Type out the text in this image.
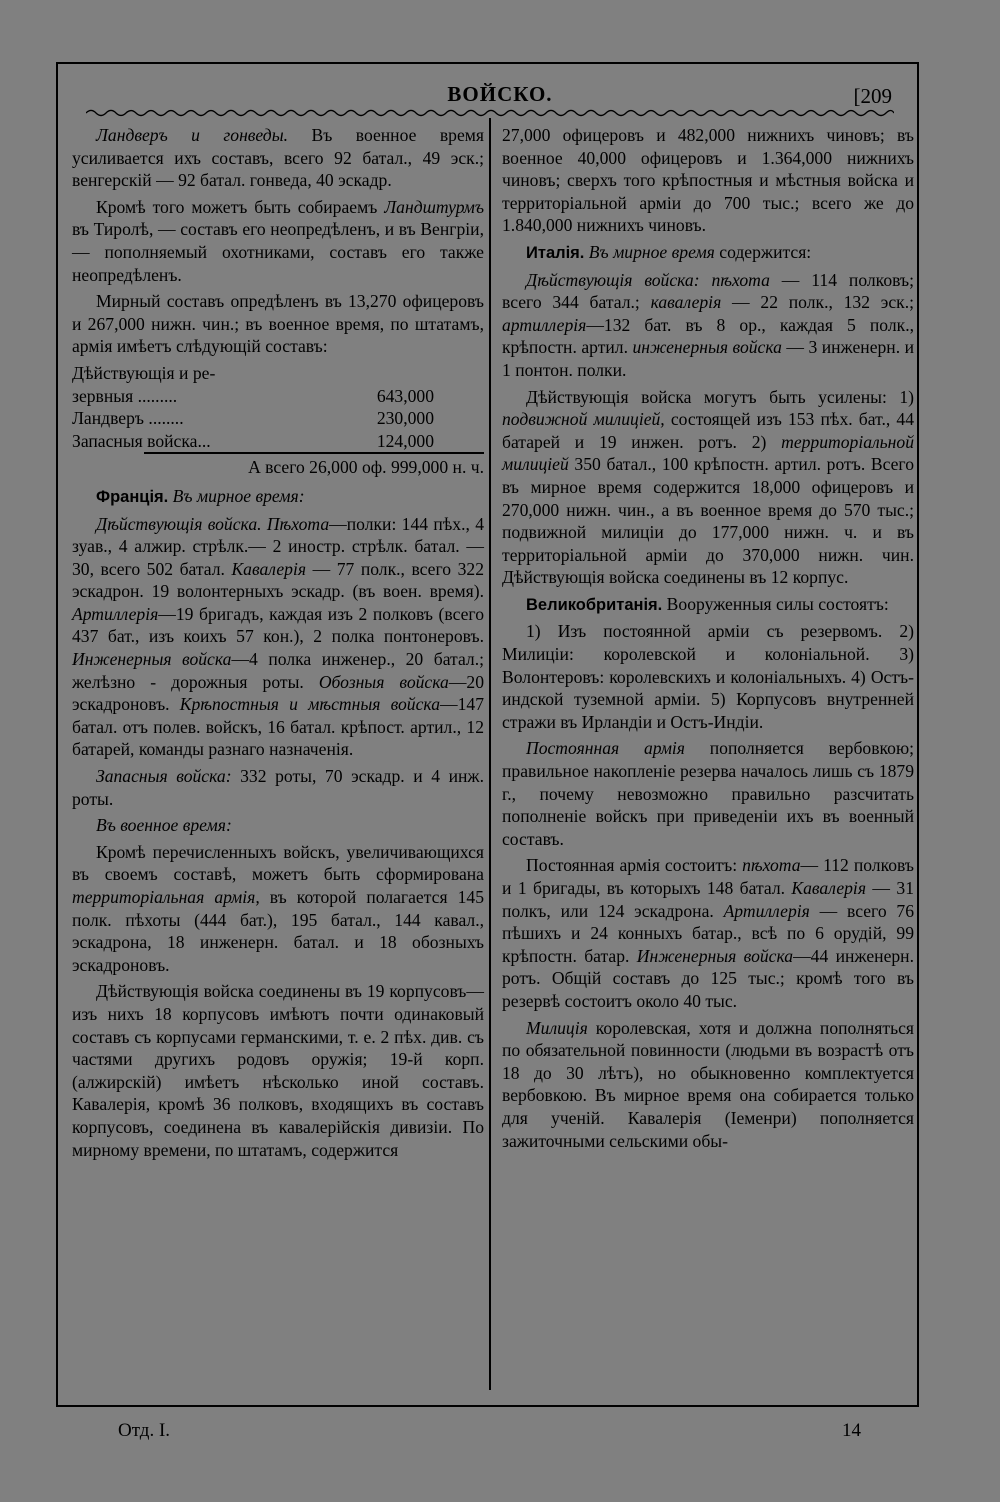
ВОЙСКО.	[209

Ландверъ и гонведы. Въ военное время усиливается ихъ составъ, всего 92 батал., 49 эск.; венгерскій — 92 батал. гонведа, 40 эскадр.

Кромѣ того можетъ быть собираемъ Ландштурмъ въ Тиролѣ, — составъ его неопредѣленъ, и въ Венгріи, — пополняемый охотниками, составъ его также неопредѣленъ.

Мирный составъ опредѣленъ въ 13,270 офицеровъ и 267,000 нижн. чин.; въ военное время, по штатамъ, армія имѣетъ слѣдующій составъ:

Дѣйствующія и ре-
зервныя .........	643,000
Ландверъ ........	230,000
Запасныя войска...	124,000
А всего 26,000 оф. 999,000 н. ч.

Франція. Въ мирное время:

Дѣйствующія войска. Пѣхота—полки: 144 пѣх., 4 зуав., 4 алжир. стрѣлк.— 2 иностр. стрѣлк. батал. — 30, всего 502 батал. Кавалерія — 77 полк., всего 322 эскадрон. 19 волонтерныхъ эскадр. (въ воен. время). Артиллерія—19 бригадъ, каждая изъ 2 полковъ (всего 437 бат., изъ коихъ 57 кон.), 2 полка понтонеровъ. Инженерныя войска—4 полка инженер., 20 батал.; желѣзно - дорожныя роты. Обозныя войска—20 эскадроновъ. Крѣпостныя и мѣстныя войска—147 батал. отъ полев. войскъ, 16 батал. крѣпост. артил., 12 батарей, команды разнаго назначенія.

Запасныя войска: 332 роты, 70 эскадр. и 4 инж. роты.

Въ военное время:

Кромѣ перечисленныхъ войскъ, увеличивающихся въ своемъ составѣ, можетъ быть сформирована территоріальная армія, въ которой полагается 145 полк. пѣхоты (444 бат.), 195 батал., 144 кавал., эскадрона, 18 инженерн. батал. и 18 обозныхъ эскадроновъ.

Дѣйствующія войска соединены въ 19 корпусовъ—изъ нихъ 18 корпусовъ имѣютъ почти одинаковый составъ съ корпусами германскими, т. е. 2 пѣх. див. съ частями другихъ родовъ оружія; 19-й корп. (алжирскій) имѣетъ нѣсколько иной составъ. Кавалерія, кромѣ 36 полковъ, входящихъ въ составъ корпусовъ, соединена въ кавалерійскія дивизіи. По мирному времени, по штатамъ, содержится

27,000 офицеровъ и 482,000 нижнихъ чиновъ; въ военное 40,000 офицеровъ и 1.364,000 нижнихъ чиновъ; сверхъ того крѣпостныя и мѣстныя войска и территоріальной арміи до 700 тыс.; всего же до 1.840,000 нижнихъ чиновъ.

Италія. Въ мирное время содержится:

Дѣйствующія войска: пѣхота — 114 полковъ; всего 344 батал.; кавалерія — 22 полк., 132 эск.; артиллерія—132 бат. въ 8 ор., каждая 5 полк., крѣпостн. артил. инженерныя войска — 3 инженерн. и 1 понтон. полки.

Дѣйствующія войска могутъ быть усилены: 1) подвижной милиціей, состоящей изъ 153 пѣх. бат., 44 батарей и 19 инжен. ротъ. 2) территоріальной милиціей 350 батал., 100 крѣпостн. артил. ротъ. Всего въ мирное время содержится 18,000 офицеровъ и 270,000 нижн. чин., а въ военное время до 570 тыс.; подвижной милиціи до 177,000 нижн. ч. и въ территоріальной арміи до 370,000 нижн. чин. Дѣйствующія войска соединены въ 12 корпус.

Великобританія. Вооруженныя силы состоятъ:

1) Изъ постоянной арміи съ резервомъ. 2) Милиціи: королевской и колоніальной. 3) Волонтеровъ: королевскихъ и колоніальныхъ. 4) Остъ-индской туземной арміи. 5) Корпусовъ внутренней стражи въ Ирландіи и Остъ-Индіи.

Постоянная армія пополняется вербовкою; правильное накопленіе резерва началось лишь съ 1879 г., почему невозможно правильно разсчитать пополненіе войскъ при приведеніи ихъ въ военный составъ.

Постоянная армія состоитъ: пѣхота— 112 полковъ и 1 бригады, въ которыхъ 148 батал. Кавалерія — 31 полкъ, или 124 эскадрона. Артиллерія — всего 76 пѣшихъ и 24 конныхъ батар., всѣ по 6 орудій, 99 крѣпостн. батар. Инженерныя войска—44 инженерн. ротъ. Общій составъ до 125 тыс.; кромѣ того въ резервѣ состоитъ около 40 тыс.

Милиція королевская, хотя и должна пополняться по обязательной повинности (людьми въ возрастѣ отъ 18 до 30 лѣтъ), но обыкновенно комплектуется вербовкою. Въ мирное время она собирается только для ученій. Кавалерія (Іеменри) пополняется зажиточными сельскими обы-

Отд. I.	14
